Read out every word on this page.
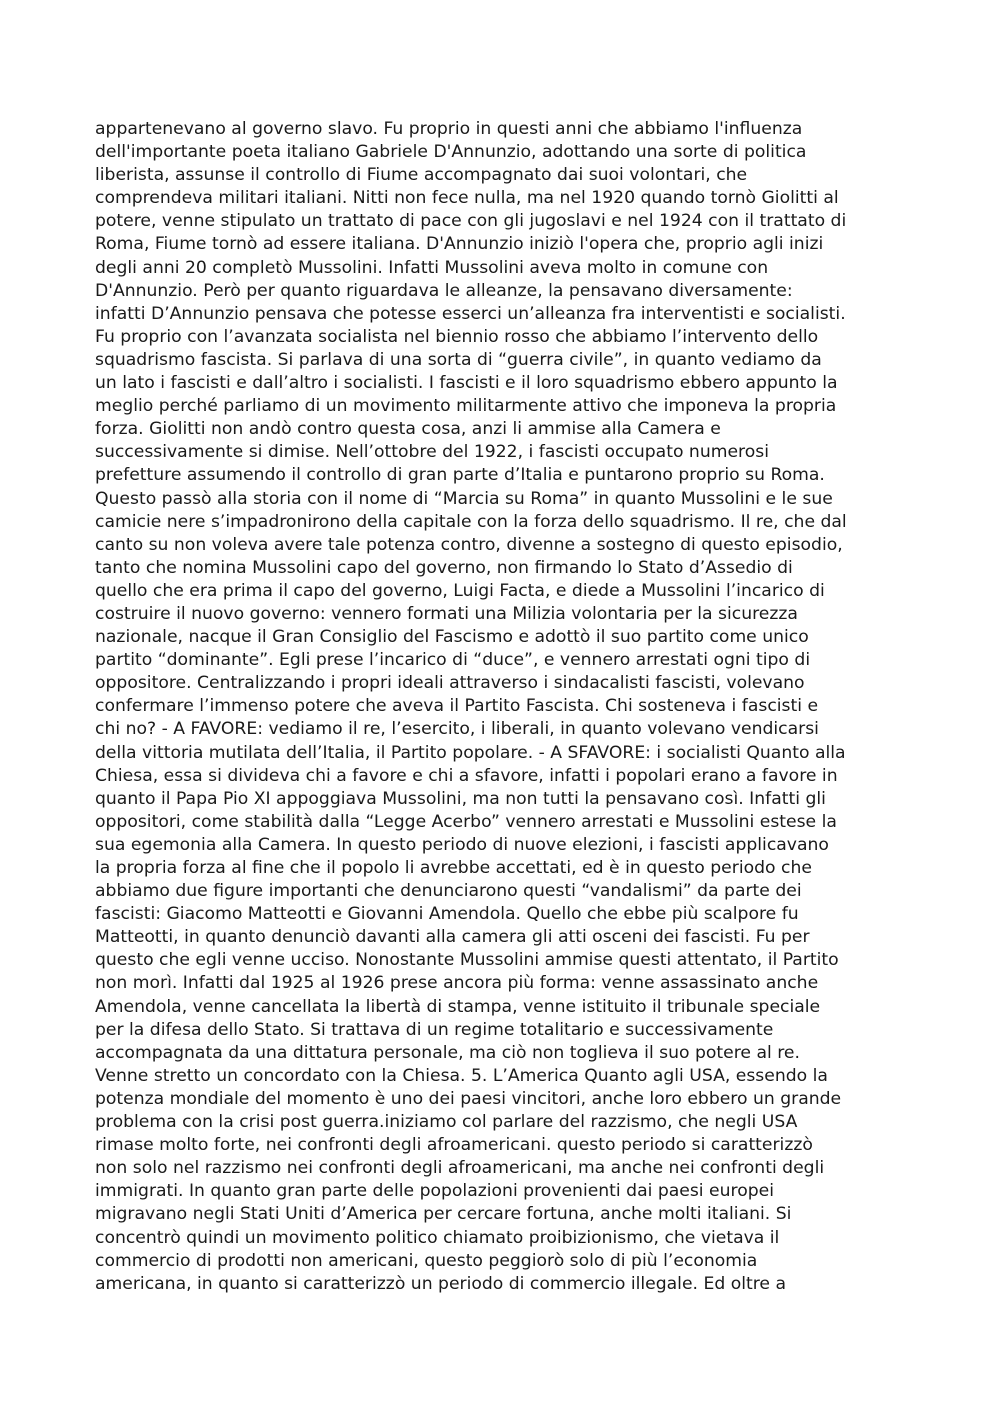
appartenevano al governo slavo. Fu proprio in questi anni che abbiamo l'influenza
dell'importante poeta italiano Gabriele D'Annunzio, adottando una sorte di politica
liberista, assunse il controllo di Fiume accompagnato dai suoi volontari, che
comprendeva militari italiani. Nitti non fece nulla, ma nel 1920 quando tornò Giolitti al
potere, venne stipulato un trattato di pace con gli jugoslavi e nel 1924 con il trattato di
Roma, Fiume tornò ad essere italiana. D'Annunzio iniziò l'opera che, proprio agli inizi
degli anni 20 completò Mussolini. Infatti Mussolini aveva molto in comune con
D'Annunzio. Però per quanto riguardava le alleanze, la pensavano diversamente:
infatti D’Annunzio pensava che potesse esserci un’alleanza fra interventisti e socialisti.
Fu proprio con l’avanzata socialista nel biennio rosso che abbiamo l’intervento dello
squadrismo fascista. Si parlava di una sorta di “guerra civile”, in quanto vediamo da
un lato i fascisti e dall’altro i socialisti. I fascisti e il loro squadrismo ebbero appunto la
meglio perché parliamo di un movimento militarmente attivo che imponeva la propria
forza. Giolitti non andò contro questa cosa, anzi li ammise alla Camera e
successivamente si dimise. Nell’ottobre del 1922, i fascisti occupato numerosi
prefetture assumendo il controllo di gran parte d’Italia e puntarono proprio su Roma.
Questo passò alla storia con il nome di “Marcia su Roma” in quanto Mussolini e le sue
camicie nere s’impadronirono della capitale con la forza dello squadrismo. Il re, che dal
canto su non voleva avere tale potenza contro, divenne a sostegno di questo episodio,
tanto che nomina Mussolini capo del governo, non firmando lo Stato d’Assedio di
quello che era prima il capo del governo, Luigi Facta, e diede a Mussolini l’incarico di
costruire il nuovo governo: vennero formati una Milizia volontaria per la sicurezza
nazionale, nacque il Gran Consiglio del Fascismo e adottò il suo partito come unico
partito “dominante”. Egli prese l’incarico di “duce”, e vennero arrestati ogni tipo di
oppositore. Centralizzando i propri ideali attraverso i sindacalisti fascisti, volevano
confermare l’immenso potere che aveva il Partito Fascista. Chi sosteneva i fascisti e
chi no? - A FAVORE: vediamo il re, l’esercito, i liberali, in quanto volevano vendicarsi
della vittoria mutilata dell’Italia, il Partito popolare. - A SFAVORE: i socialisti Quanto alla
Chiesa, essa si divideva chi a favore e chi a sfavore, infatti i popolari erano a favore in
quanto il Papa Pio XI appoggiava Mussolini, ma non tutti la pensavano così. Infatti gli
oppositori, come stabilità dalla “Legge Acerbo” vennero arrestati e Mussolini estese la
sua egemonia alla Camera. In questo periodo di nuove elezioni, i fascisti applicavano
la propria forza al fine che il popolo li avrebbe accettati, ed è in questo periodo che
abbiamo due figure importanti che denunciarono questi “vandalismi” da parte dei
fascisti: Giacomo Matteotti e Giovanni Amendola. Quello che ebbe più scalpore fu
Matteotti, in quanto denunciò davanti alla camera gli atti osceni dei fascisti. Fu per
questo che egli venne ucciso. Nonostante Mussolini ammise questi attentato, il Partito
non morì. Infatti dal 1925 al 1926 prese ancora più forma: venne assassinato anche
Amendola, venne cancellata la libertà di stampa, venne istituito il tribunale speciale
per la difesa dello Stato. Si trattava di un regime totalitario e successivamente
accompagnata da una dittatura personale, ma ciò non toglieva il suo potere al re.
Venne stretto un concordato con la Chiesa. 5. L’America Quanto agli USA, essendo la
potenza mondiale del momento è uno dei paesi vincitori, anche loro ebbero un grande
problema con la crisi post guerra.iniziamo col parlare del razzismo, che negli USA
rimase molto forte, nei confronti degli afroamericani. questo periodo si caratterizzò
non solo nel razzismo nei confronti degli afroamericani, ma anche nei confronti degli
immigrati. In quanto gran parte delle popolazioni provenienti dai paesi europei
migravano negli Stati Uniti d’America per cercare fortuna, anche molti italiani. Si
concentrò quindi un movimento politico chiamato proibizionismo, che vietava il
commercio di prodotti non americani, questo peggiorò solo di più l’economia
americana, in quanto si caratterizzò un periodo di commercio illegale. Ed oltre a
